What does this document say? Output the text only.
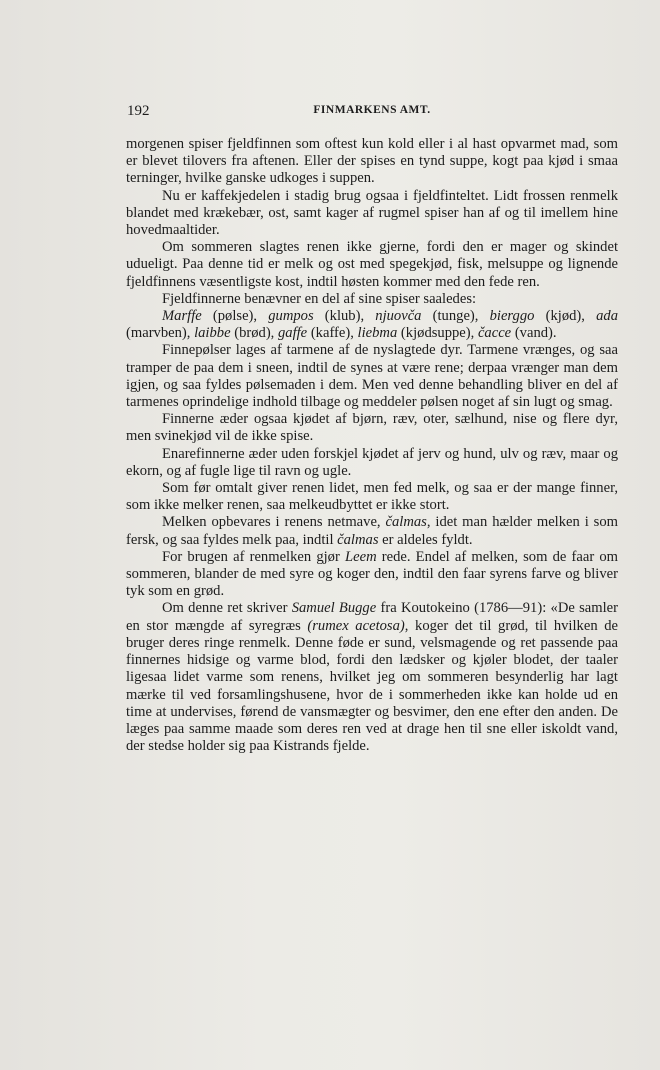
192	FINMARKENS AMT.

morgenen spiser fjeldfinnen som oftest kun kold eller i al hast opvarmet mad, som er blevet tilovers fra aftenen. Eller der spises en tynd suppe, kogt paa kjød i smaa terninger, hvilke ganske udkoges i suppen.

Nu er kaffekjedelen i stadig brug ogsaa i fjeldfinteltet. Lidt frossen renmelk blandet med krækebær, ost, samt kager af rugmel spiser han af og til imellem hine hovedmaaltider.

Om sommeren slagtes renen ikke gjerne, fordi den er mager og skindet udueligt. Paa denne tid er melk og ost med spegekjød, fisk, melsuppe og lignende fjeldfinnens væsentligste kost, indtil høsten kommer med den fede ren.

Fjeldfinnerne benævner en del af sine spiser saaledes:

Marffe (pølse), gumpos (klub), njuovča (tunge), bierggo (kjød), ada (marvben), laibbe (brød), gaffe (kaffe), liebma (kjødsuppe), čacce (vand).

Finnepølser lages af tarmene af de nyslagtede dyr. Tarmene vrænges, og saa tramper de paa dem i sneen, indtil de synes at være rene; derpaa vrænger man dem igjen, og saa fyldes pølsemaden i dem. Men ved denne behandling bliver en del af tarmenes oprindelige indhold tilbage og meddeler pølsen noget af sin lugt og smag.

Finnerne æder ogsaa kjødet af bjørn, ræv, oter, sælhund, nise og flere dyr, men svinekjød vil de ikke spise.

Enarefinnerne æder uden forskjel kjødet af jerv og hund, ulv og ræv, maar og ekorn, og af fugle lige til ravn og ugle.

Som før omtalt giver renen lidet, men fed melk, og saa er der mange finner, som ikke melker renen, saa melkeudbyttet er ikke stort.

Melken opbevares i renens netmave, čalmas, idet man hælder melken i som fersk, og saa fyldes melk paa, indtil čalmas er aldeles fyldt.

For brugen af renmelken gjør Leem rede. Endel af melken, som de faar om sommeren, blander de med syre og koger den, indtil den faar syrens farve og bliver tyk som en grød.

Om denne ret skriver Samuel Bugge fra Koutokeino (1786—91): «De samler en stor mængde af syregræs (rumex acetosa), koger det til grød, til hvilken de bruger deres ringe renmelk. Denne føde er sund, velsmagende og ret passende paa finnernes hidsige og varme blod, fordi den lædsker og kjøler blodet, der taaler ligesaa lidet varme som renens, hvilket jeg om sommeren besynderlig har lagt mærke til ved forsamlingshusene, hvor de i sommerheden ikke kan holde ud en time at undervises, førend de vansmægter og besvimer, den ene efter den anden. De læges paa samme maade som deres ren ved at drage hen til sne eller iskoldt vand, der stedse holder sig paa Kistrands fjelde.
